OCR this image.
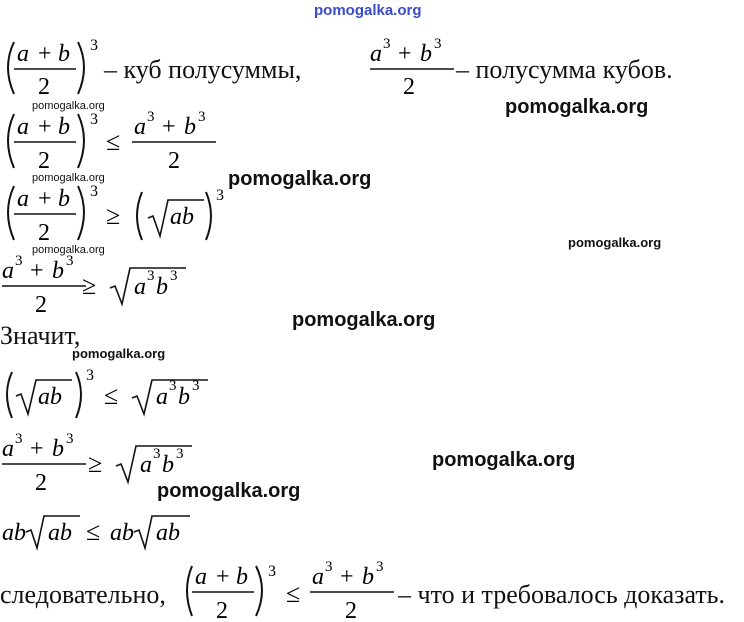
pomogalka.org
pomogalka.org	pomogalka.org
pomogalka.org	pomogalka.org
pomogalka.org	pomogalka.org
pomogalka.org
pomogalka.org
pomogalka.org
pomogalka.org
a + b
2
3
– куб полусуммы,
a 3 + b 3
2
– полусумма кубов.
a + b
2
3
≤ a 3 + b 3
2
a + b
2
3
≥ ab
3
a 3 + b 3
2
≥ a 3 b 3
Значит,
ab
3
≤ a 3 b 3
a 3 + b 3
2
≥ a 3 b 3
ab ab ≤ ab ab
следовательно,
a + b
2
3
≤
a 3 + b 3
2
– что и требовалось доказать.
